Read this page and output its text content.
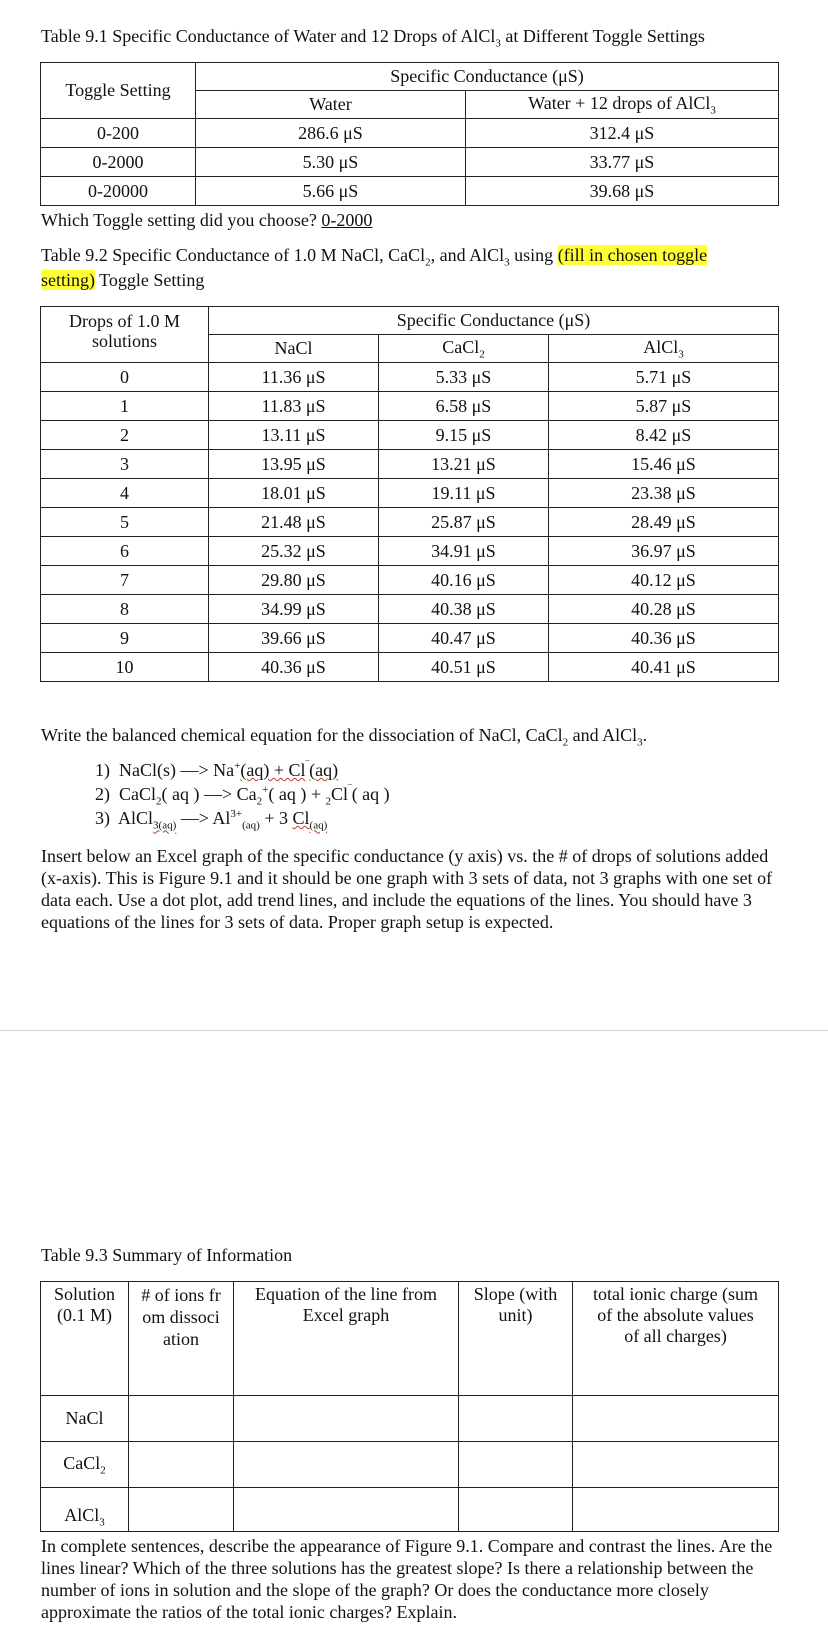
Table 9.1 Specific Conductance of Water and 12 Drops of AlCl$_3$ at Different Toggle Settings
Toggle Setting	Specific Conductance (μS)	
	Water	Water + 12 drops of AlCl$_3$
0-200	286.6 μS	312.4 μS
0-2000	5.30 μS	33.77 μS
0-20000	5.66 μS	39.68 μS
Which Toggle setting did you choose? 0-2000
Table 9.2 Specific Conductance of 1.0 M NaCl, CaCl$_2$, and AlCl$_3$ using (fill in chosen toggle
setting) Toggle Setting
Drops of 1.0 M solutions	Specific Conductance (μS)		
	NaCl	CaCl$_2$	AlCl$_3$
0	11.36 μS	5.33 μS	5.71 μS
1	11.83 μS	6.58 μS	5.87 μS
2	13.11 μS	9.15 μS	8.42 μS
3	13.95 μS	13.21 μS	15.46 μS
4	18.01 μS	19.11 μS	23.38 μS
5	21.48 μS	25.87 μS	28.49 μS
6	25.32 μS	34.91 μS	36.97 μS
7	29.80 μS	40.16 μS	40.12 μS
8	34.99 μS	40.38 μS	40.28 μS
9	39.66 μS	40.47 μS	40.36 μS
10	40.36 μS	40.51 μS	40.41 μS
Write the balanced chemical equation for the dissociation of NaCl, CaCl$_2$ and AlCl$_3$.
1) NaCl(s) —> Na+(aq) + Cl‾(aq)
2) CaCl$_2$( aq ) —> $Ca_2^+$( aq ) + $_2$Cl‾( aq )
3) AlCl$_{3(aq)}$ —> $Al^{3+}_{(aq)} + 3$ $Cl_{(aq)}$
Insert below an Excel graph of the specific conductance (y axis) vs. the # of drops of solutions added (x-axis). This is Figure 9.1 and it should be one graph with 3 sets of data, not 3 graphs with one set of data each. Use a dot plot, add trend lines, and include the equations of the lines. You should have 3 equations of the lines for 3 sets of data. Proper graph setup is expected.
Table 9.3 Summary of Information
Solution (0.1 M)	# of ions from dissociation	Equation of the line from Excel graph	Slope (with unit)	total ionic charge (sum of the absolute values of all charges)
NaCl				
CaCl$_2$				
AlCl$_3$				
In complete sentences, describe the appearance of Figure 9.1. Compare and contrast the lines. Are the lines linear? Which of the three solutions has the greatest slope? Is there a relationship between the number of ions in solution and the slope of the graph? Or does the conductance more closely approximate the ratios of the total ionic charges? Explain.
